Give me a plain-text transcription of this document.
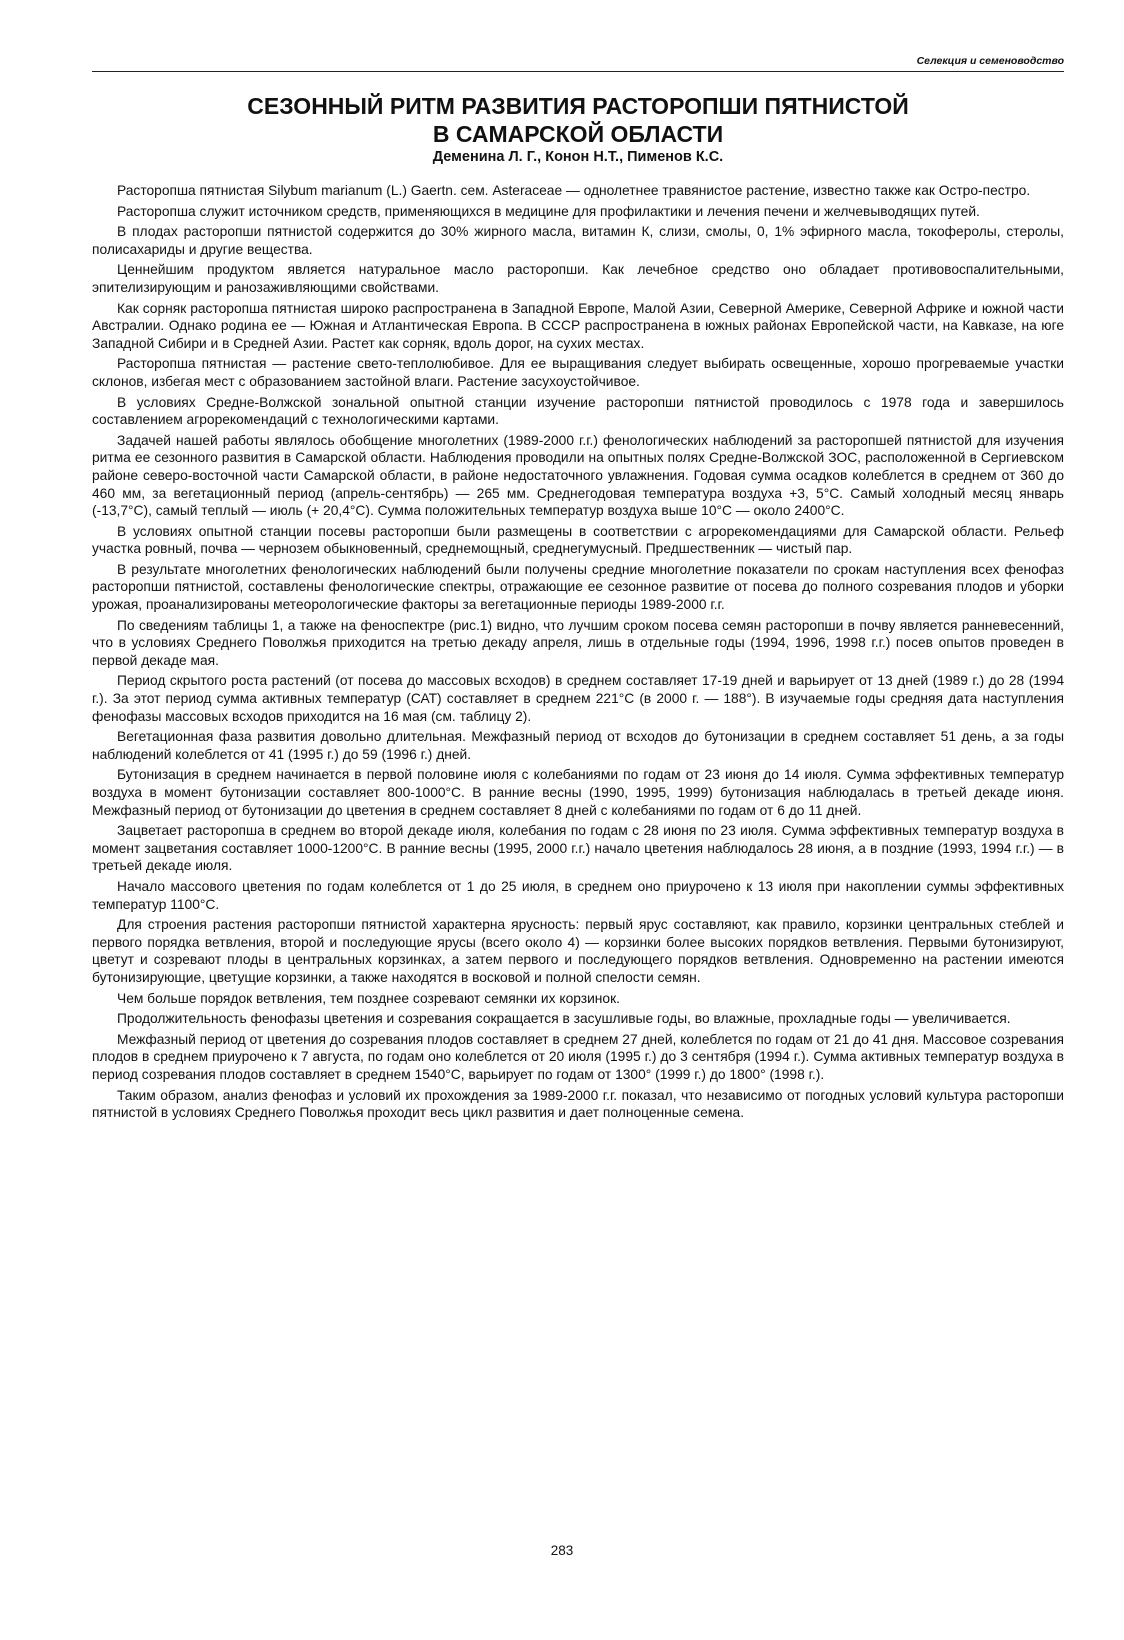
Селекция и семеноводство
СЕЗОННЫЙ РИТМ РАЗВИТИЯ РАСТОРОПШИ ПЯТНИСТОЙ
В САМАРСКОЙ ОБЛАСТИ
Деменина Л. Г., Конон Н.Т., Пименов К.С.

Расторопша пятнистая Silybum marianum (L.) Gaertn. сем. Asteraceae — однолетнее травянистое растение, известно также как Остро-пестро.

Расторопша служит источником средств, применяющихся в медицине для профилактики и лечения печени и желчевыводящих путей.

В плодах расторопши пятнистой содержится до 30% жирного масла, витамин К, слизи, смолы, 0, 1% эфирного масла, токоферолы, стеролы, полисахариды и другие вещества.

Ценнейшим продуктом является натуральное масло расторопши. Как лечебное средство оно обладает противовоспалительными, эпителизирующим и ранозаживляющими свойствами.

Как сорняк расторопша пятнистая широко распространена в Западной Европе, Малой Азии, Северной Америке, Северной Африке и южной части Австралии. Однако родина ее — Южная и Атлантическая Европа. В СССР распространена в южных районах Европейской части, на Кавказе, на юге Западной Сибири и в Средней Азии. Растет как сорняк, вдоль дорог, на сухих местах.

Расторопша пятнистая — растение свето-теплолюбивое. Для ее выращивания следует выбирать освещенные, хорошо прогреваемые участки склонов, избегая мест с образованием застойной влаги. Растение засухоустойчивое.

В условиях Средне-Волжской зональной опытной станции изучение расторопши пятнистой проводилось с 1978 года и завершилось составлением агрорекомендаций с технологическими картами.

Задачей нашей работы являлось обобщение многолетних (1989-2000 г.г.) фенологических наблюдений за расторопшей пятнистой для изучения ритма ее сезонного развития в Самарской области. Наблюдения проводили на опытных полях Средне-Волжской ЗОС, расположенной в Сергиевском районе северо-восточной части Самарской области, в районе недостаточного увлажнения. Годовая сумма осадков колеблется в среднем от 360 до 460 мм, за вегетационный период (апрель-сентябрь) — 265 мм. Среднегодовая температура воздуха +3, 5°С. Самый холодный месяц январь (-13,7°С), самый теплый — июль (+ 20,4°С). Сумма положительных температур воздуха выше 10°С — около 2400°С.

В условиях опытной станции посевы расторопши были размещены в соответствии с агрорекомендациями для Самарской области. Рельеф участка ровный, почва — чернозем обыкновенный, среднемощный, среднегумусный. Предшественник — чистый пар.

В результате многолетних фенологических наблюдений были получены средние многолетние показатели по срокам наступления всех фенофаз расторопши пятнистой, составлены фенологические спектры, отражающие ее сезонное развитие от посева до полного созревания плодов и уборки урожая, проанализированы метеорологические факторы за вегетационные периоды 1989-2000 г.г.

По сведениям таблицы 1, а также на феноспектре (рис.1) видно, что лучшим сроком посева семян расторопши в почву является ранневесенний, что в условиях Среднего Поволжья приходится на третью декаду апреля, лишь в отдельные годы (1994, 1996, 1998 г.г.) посев опытов проведен в первой декаде мая.

Период скрытого роста растений (от посева до массовых всходов) в среднем составляет 17-19 дней и варьирует от 13 дней (1989 г.) до 28 (1994 г.). За этот период сумма активных температур (САТ) составляет в среднем 221°С (в 2000 г. — 188°). В изучаемые годы средняя дата наступления фенофазы массовых всходов приходится на 16 мая (см. таблицу 2).

Вегетационная фаза развития довольно длительная. Межфазный период от всходов до бутонизации в среднем составляет 51 день, а за годы наблюдений колеблется от 41 (1995 г.) до 59 (1996 г.) дней.

Бутонизация в среднем начинается в первой половине июля с колебаниями по годам от 23 июня до 14 июля. Сумма эффективных температур воздуха в момент бутонизации составляет 800-1000°С. В ранние весны (1990, 1995, 1999) бутонизация наблюдалась в третьей декаде июня. Межфазный период от бутонизации до цветения в среднем составляет 8 дней с колебаниями по годам от 6 до 11 дней.

Зацветает расторопша в среднем во второй декаде июля, колебания по годам с 28 июня по 23 июля. Сумма эффективных температур воздуха в момент зацветания составляет 1000-1200°С. В ранние весны (1995, 2000 г.г.) начало цветения наблюдалось 28 июня, а в поздние (1993, 1994 г.г.) — в третьей декаде июля.

Начало массового цветения по годам колеблется от 1 до 25 июля, в среднем оно приурочено к 13 июля при накоплении суммы эффективных температур 1100°С.

Для строения растения расторопши пятнистой характерна ярусность: первый ярус составляют, как правило, корзинки центральных стеблей и первого порядка ветвления, второй и последующие ярусы (всего около 4) — корзинки более высоких порядков ветвления. Первыми бутонизируют, цветут и созревают плоды в центральных корзинках, а затем первого и последующего порядков ветвления. Одновременно на растении имеются бутонизирующие, цветущие корзинки, а также находятся в восковой и полной спелости семян.

Чем больше порядок ветвления, тем позднее созревают семянки их корзинок.

Продолжительность фенофазы цветения и созревания сокращается в засушливые годы, во влажные, прохладные годы — увеличивается.

Межфазный период от цветения до созревания плодов составляет в среднем 27 дней, колеблется по годам от 21 до 41 дня. Массовое созревания плодов в среднем приурочено к 7 августа, по годам оно колеблется от 20 июля (1995 г.) до 3 сентября (1994 г.). Сумма активных температур воздуха в период созревания плодов составляет в среднем 1540°С, варьирует по годам от 1300° (1999 г.) до 1800° (1998 г.).

Таким образом, анализ фенофаз и условий их прохождения за 1989-2000 г.г. показал, что независимо от погодных условий культура расторопши пятнистой в условиях Среднего Поволжья проходит весь цикл развития и дает полноценные семена.

283
